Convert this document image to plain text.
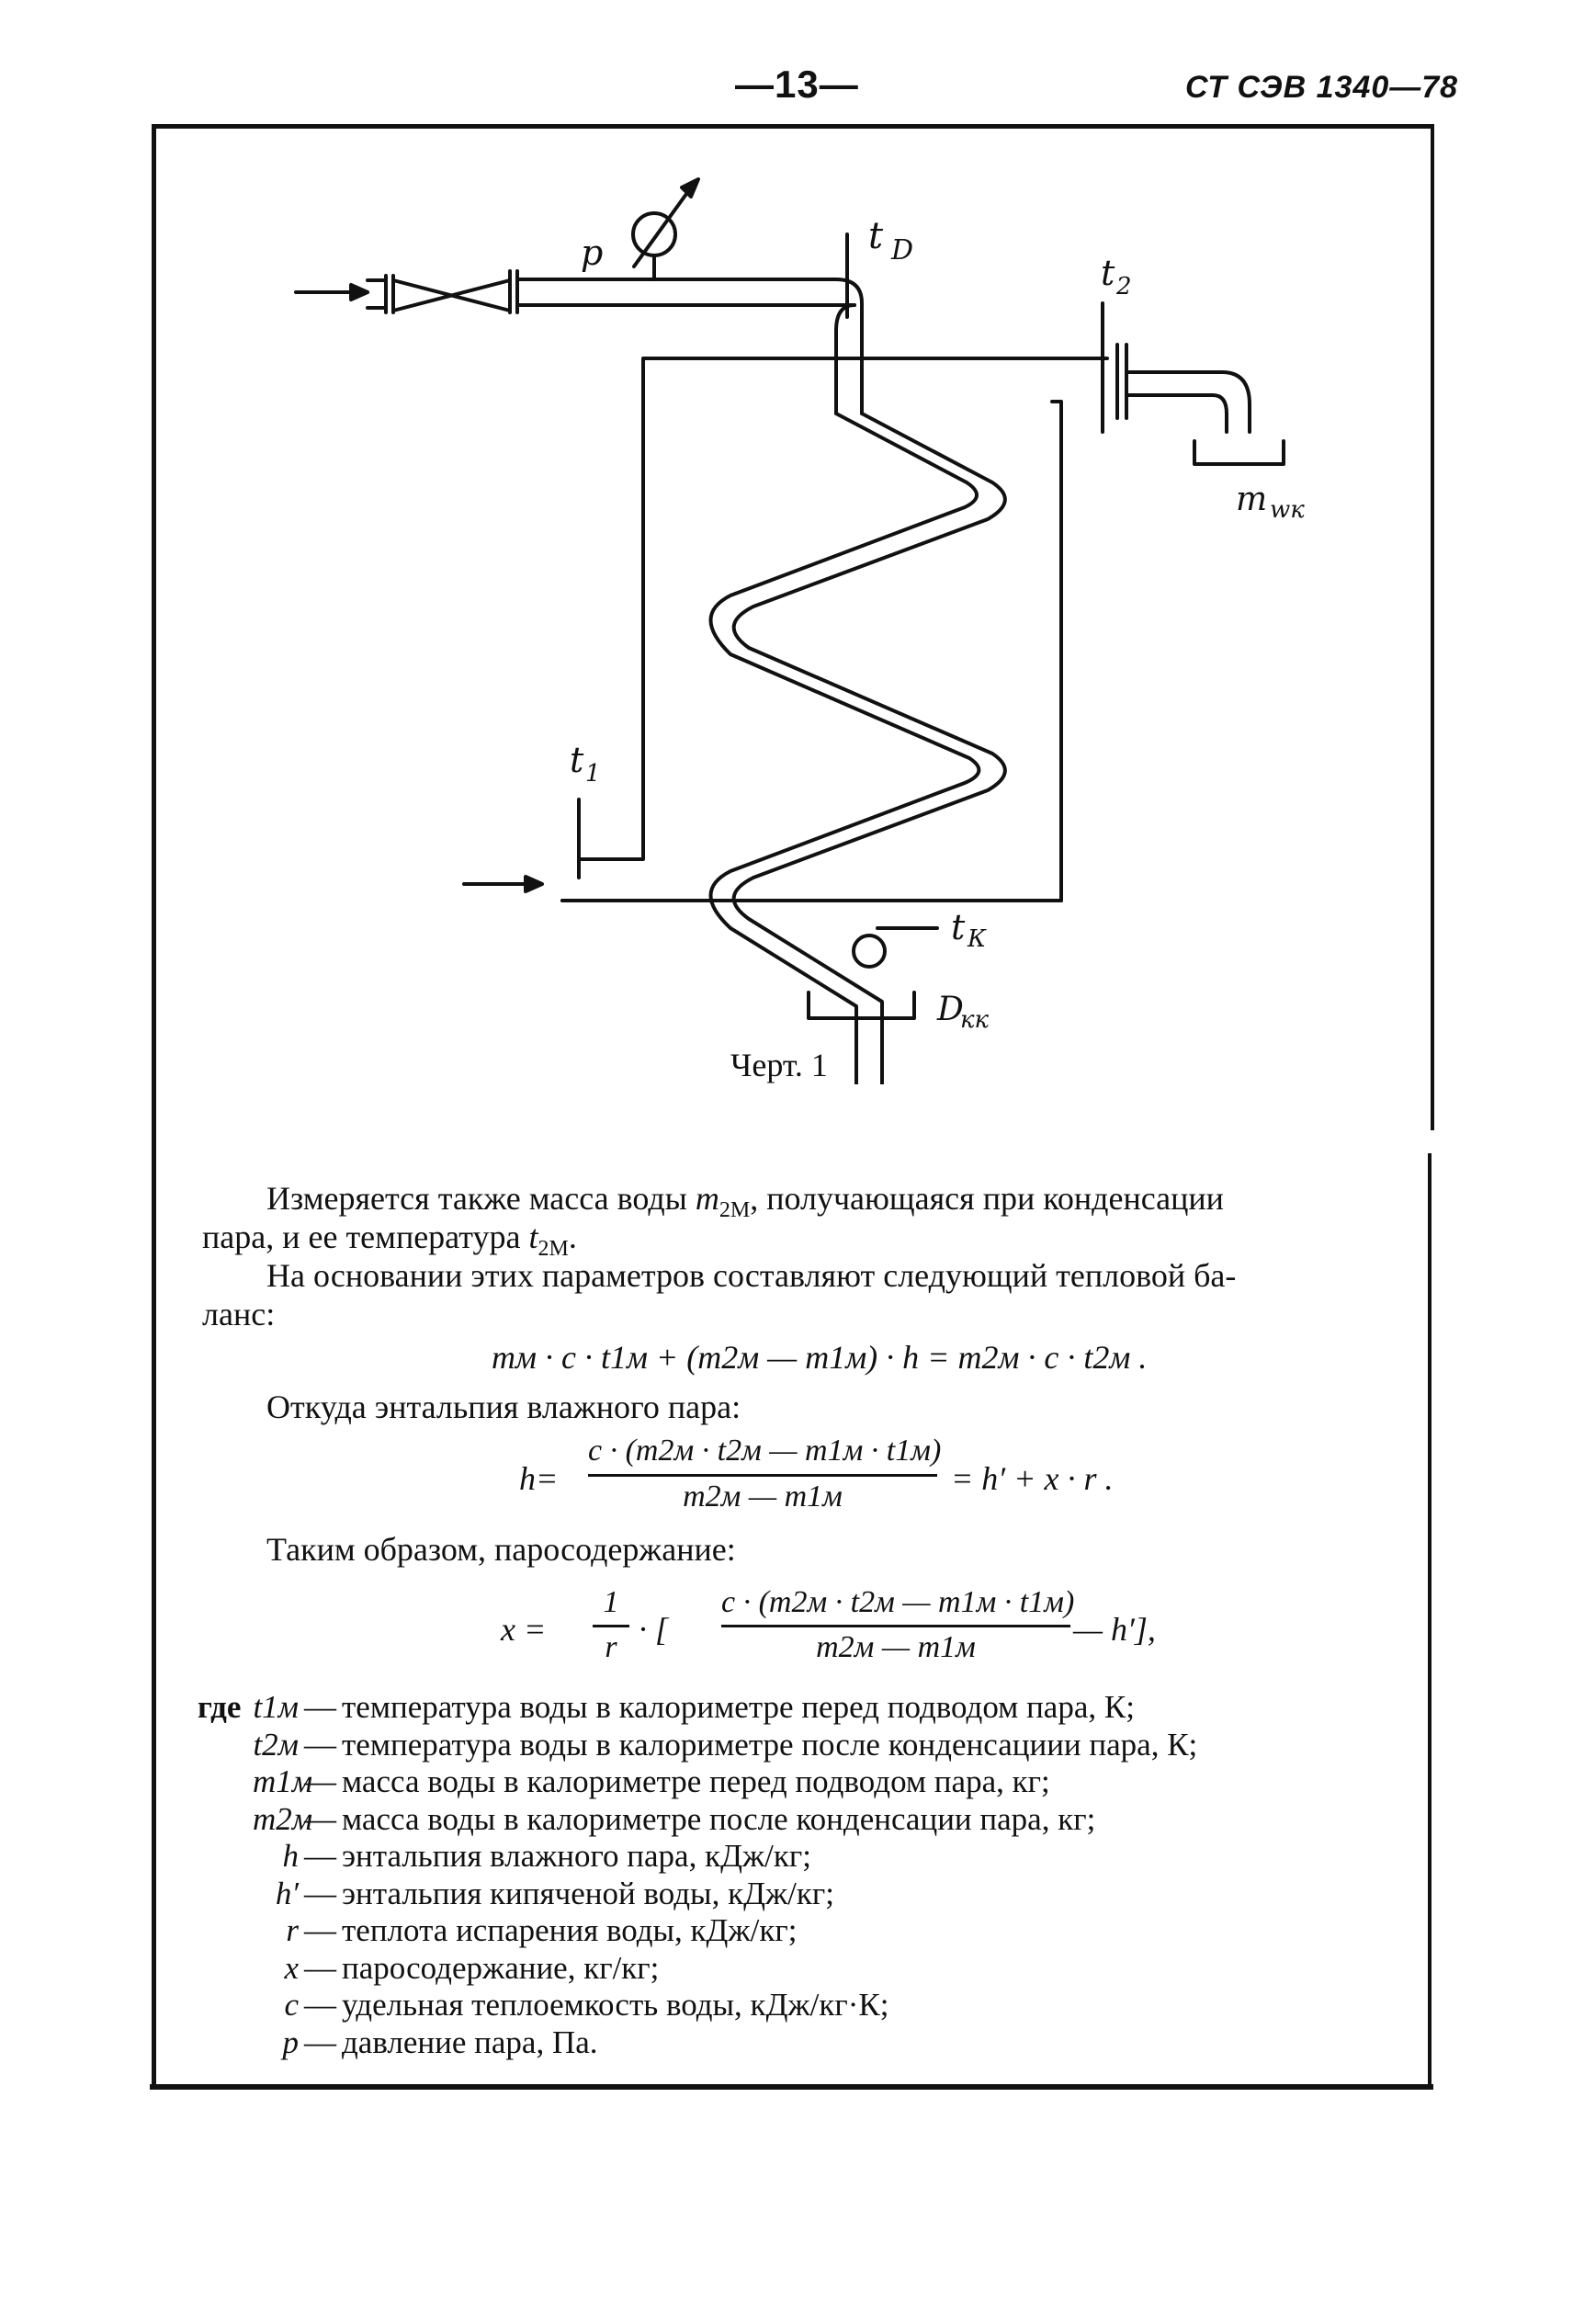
—13—	СТ СЭВ 1340—78
p	t D
t 2
t 1
t К
m wк
D
кк
Черт. 1
Измеряется также масса воды $m_{2М}$, получающаяся при конденсации
пара, и ее температура $t_{2М}$.
На основании этих параметров составляют следующий тепловой ба-
ланс:
mм · c · t1м + (m2м — m1м) · h = m2м · c · t2м .
Откуда энтальпия влажного пара:
h=
c · (m2м · t2м — m1м · t1м)
m2м — m1м	= h′ + x · r .
Таким образом, паросодержание:
x =
1
r · [
c · (m2м · t2м — m1м · t1м)
m2м — m1м	— h′],
где t1м — температура воды в калориметре перед подводом пара, К;
t2м — температура воды в калориметре после конденсациии пара, К;
m1м— масса воды в калориметре перед подводом пара, кг;
m2м— масса воды в калориметре после конденсации пара, кг;
h — энтальпия влажного пара, кДж/кг;
h′ — энтальпия кипяченой воды, кДж/кг;
r — теплота испарения воды, кДж/кг;
x — паросодержание, кг/кг;
c — удельная теплоемкость воды, кДж/кг·К;
p — давление пара, Па.
